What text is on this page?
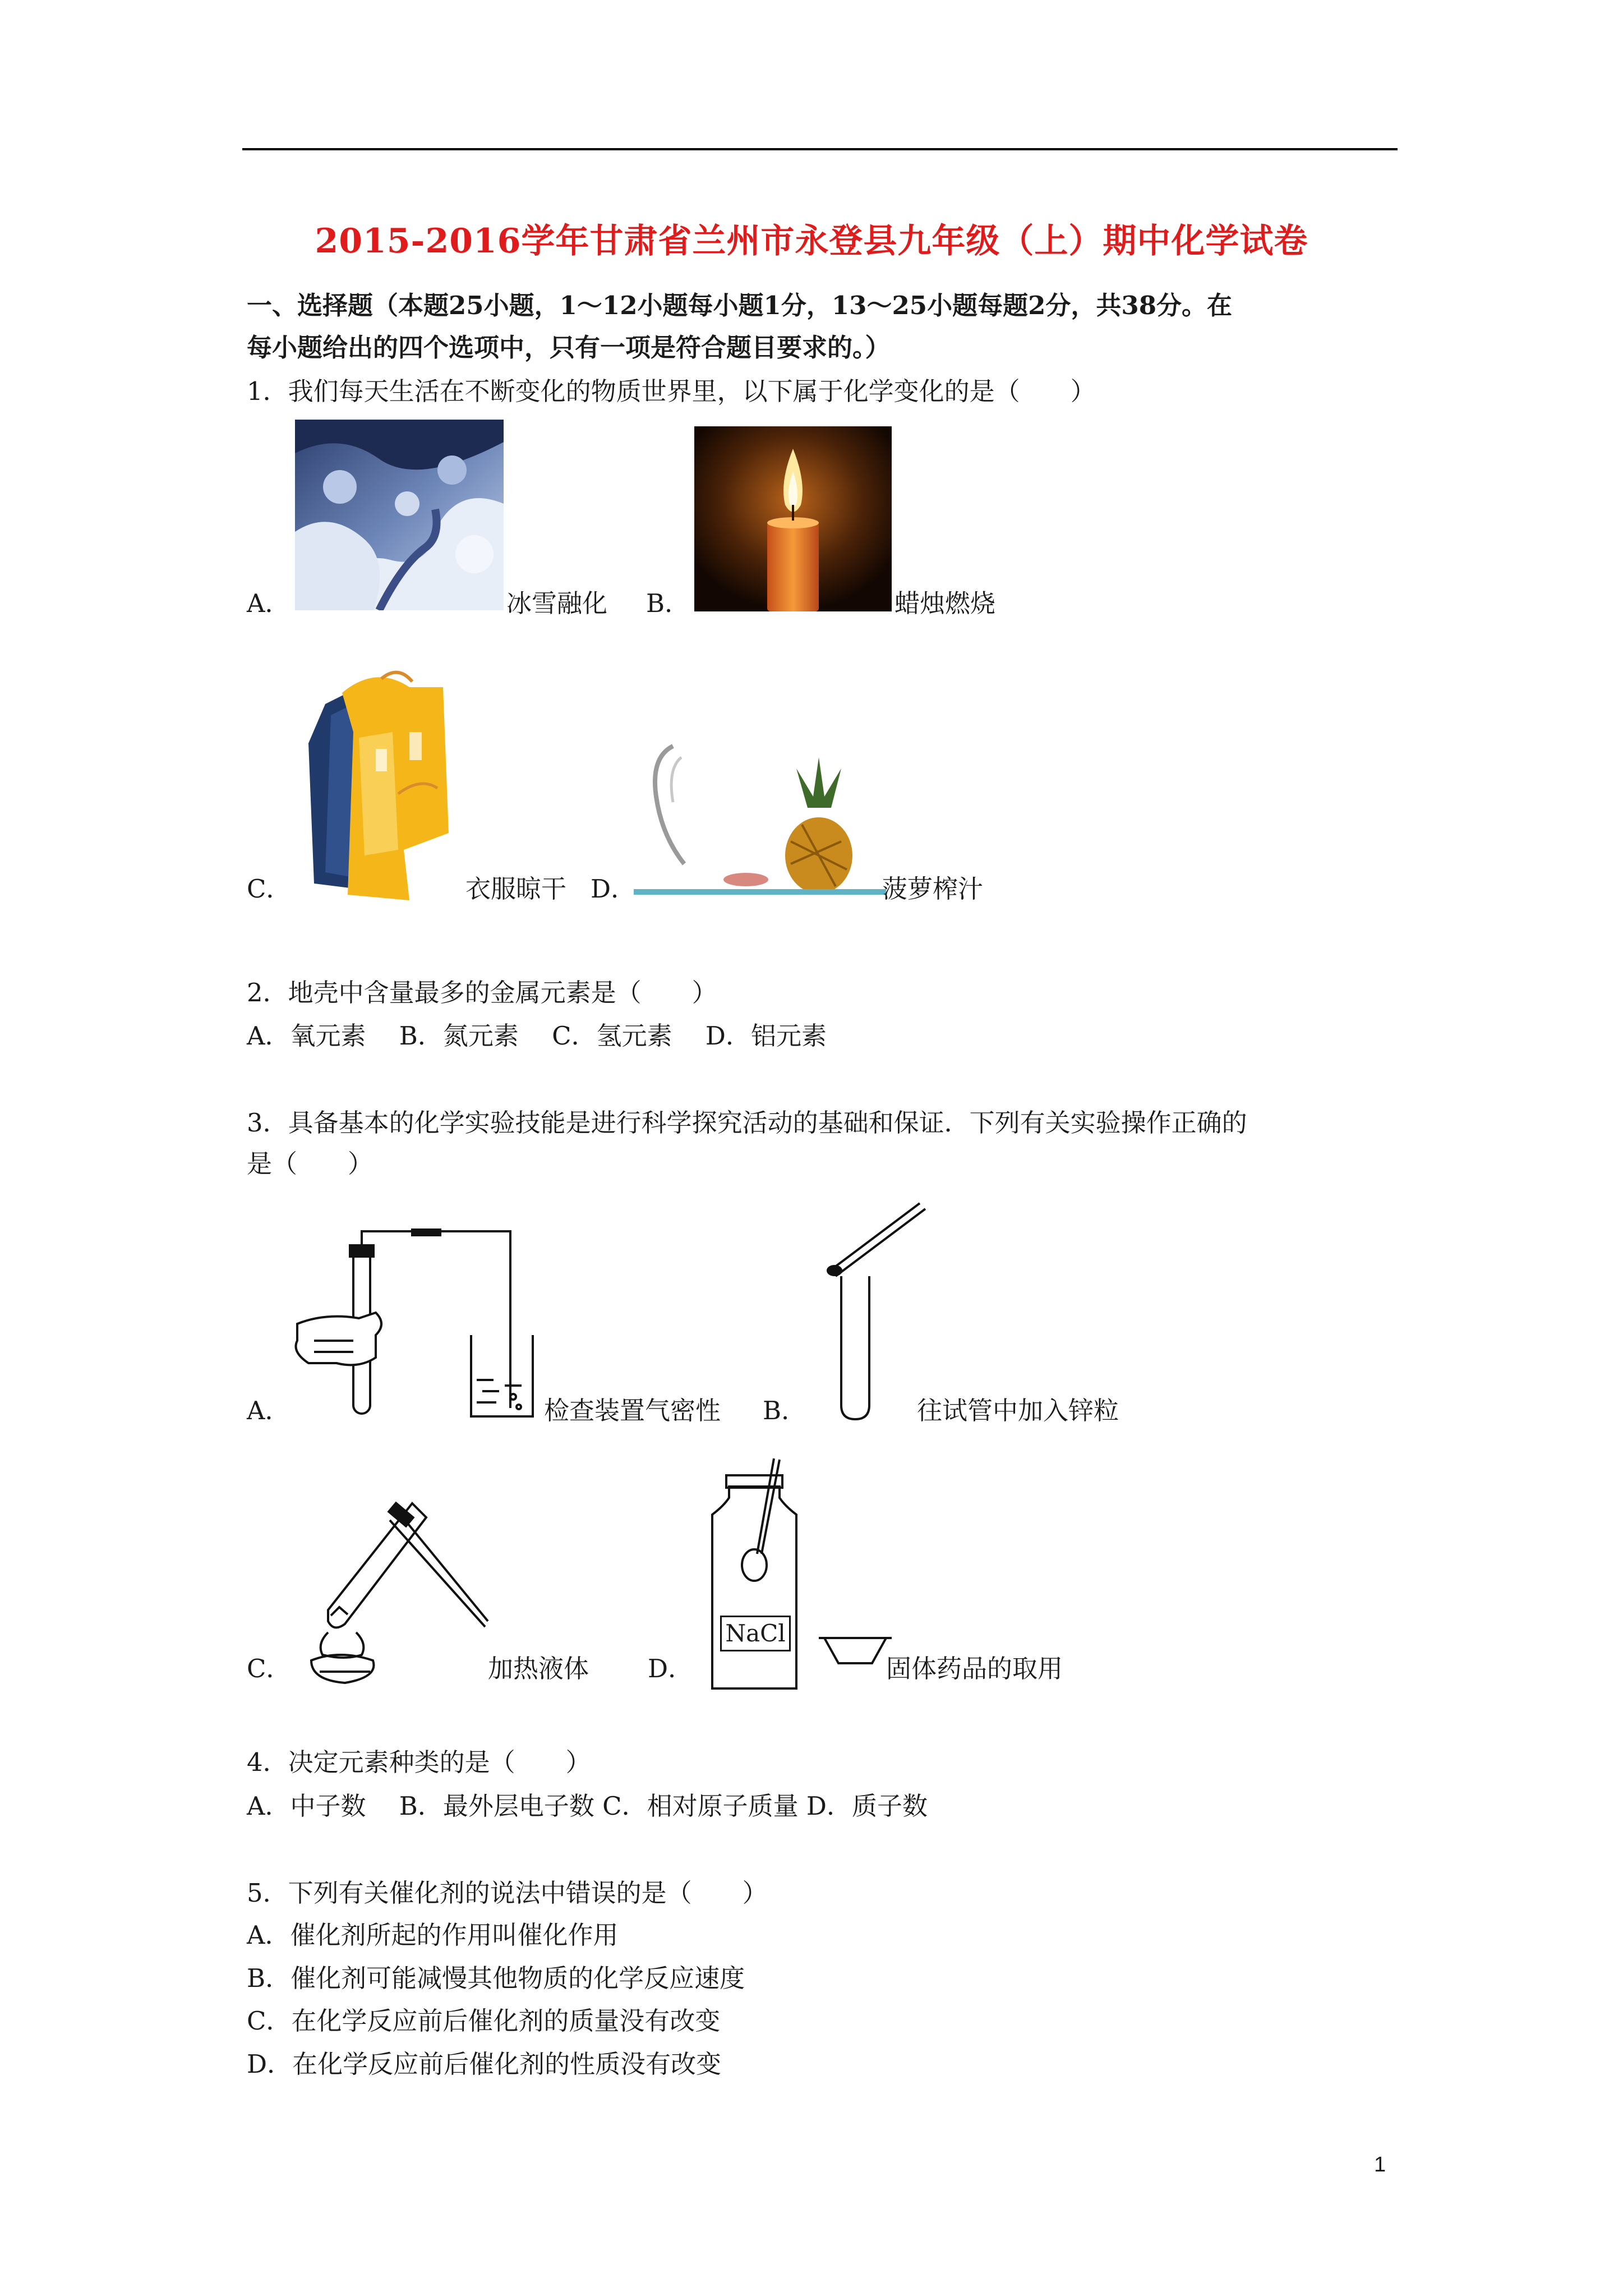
2015-2016学年甘肃省兰州市永登县九年级（上）期中化学试卷
一、选择题（本题25小题，1～12小题每小题1分，13～25小题每题2分，共38分。在
每小题给出的四个选项中，只有一项是符合题目要求的。）
1．我们每天生活在不断变化的物质世界里，以下属于化学变化的是（　　）
A．	冰雪融化 B．	蜡烛燃烧
C．	衣服晾干 D．	菠萝榨汁
2．地壳中含量最多的金属元素是（　　）
A．氧元素　 B．氮元素　 C．氢元素　 D．铝元素
3．具备基本的化学实验技能是进行科学探究活动的基础和保证．下列有关实验操作正确的
是（　　）
A．	检查装置气密性 B．	往试管中加入锌粒
C．	加热液体
NaCl
D．	固体药品的取用
4．决定元素种类的是（　　）
A．中子数　 B．最外层电子数 C．相对原子质量 D．质子数
5．下列有关催化剂的说法中错误的是（　　）
A．催化剂所起的作用叫催化作用
B．催化剂可能减慢其他物质的化学反应速度
C．在化学反应前后催化剂的质量没有改变
D．在化学反应前后催化剂的性质没有改变
1
